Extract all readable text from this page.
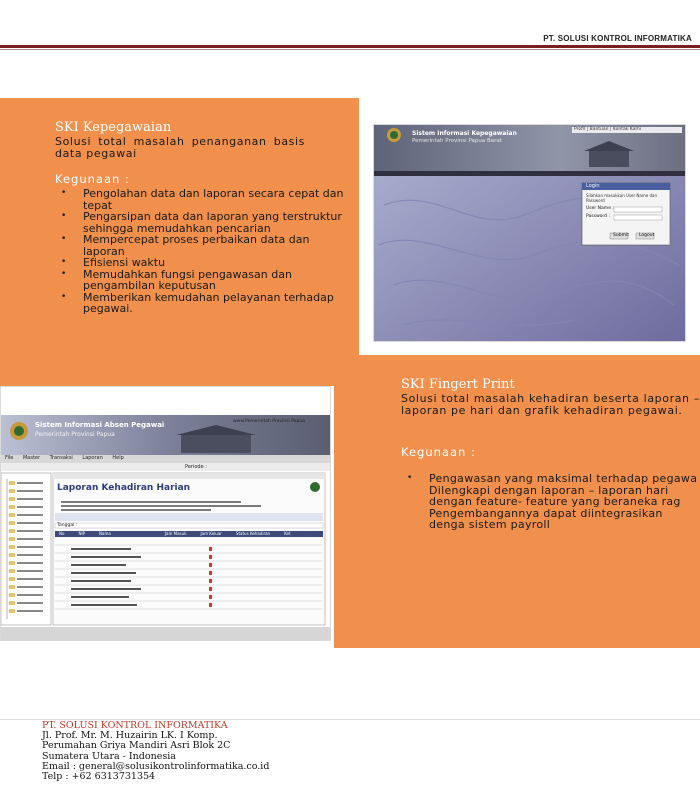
PT. SOLUSI KONTROL INFORMATIKA
SKI Kepegawaian
Solusi total masalah penanganan basis data pegawai
Kegunaan :
• Pengolahan data dan laporan secara cepat dan tepat
• Pengarsipan data dan laporan yang terstruktur sehingga memudahkan pencarian
• Mempercepat proses perbaikan data dan laporan
• Efisiensi waktu
• Memudahkan fungsi pengawasan dan pengambilan keputusan
• Memberikan kemudahan pelayanan terhadap pegawai.
Sistem Informasi Kepegawaian
Pemerintah Provinsi Papua Barat
Profil | Bantuan | Kontak Kami
Login
Silahkan masukkan User Name dan Password
User Name :
Password :
Submit Logout
SKI Fingert Print
Solusi total masalah kehadiran beserta laporan – laporan pe hari dan grafik kehadiran pegawai.
Kegunaan :
• Pengawasan yang maksimal terhadap pegawa Dilengkapi dengan laporan – laporan hari dengan feature- feature yang beraneka rag Pengembangannya dapat diintegrasikan denga sistem payroll
Sistem Informasi Absen Pegawai
Pemerintah Provinsi Papua
www.Pemerintah Provinsi Papua
File Master Transaksi Laporan Help
Periode :
Laporan Kehadiran Harian
Tanggal :
No	NIP	Nama	Jam Masuk	Jam Keluar	Status Kehadiran	Ket
PT. SOLUSI KONTROL INFORMATIKA
Jl. Prof. Mr. M. Huzairin LK. I Komp.
Perumahan Griya Mandiri Asri Blok 2C
Sumatera Utara - Indonesia
Email : general@solusikontrolinformatika.co.id
Telp : +62 6313731354
